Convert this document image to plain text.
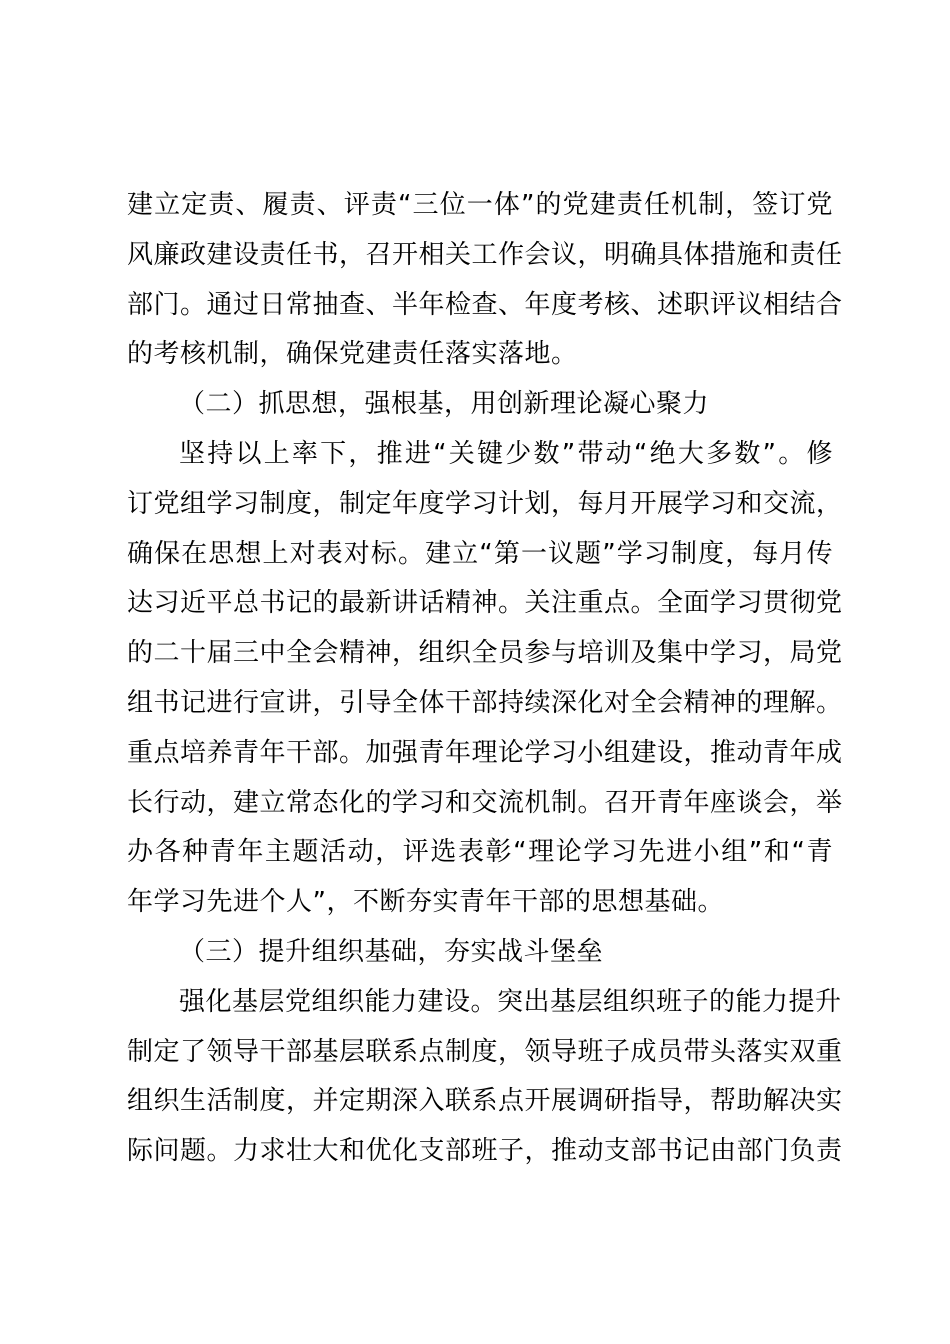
建立定责、履责、评责“三位一体”的党建责任机制，签订党
风廉政建设责任书，召开相关工作会议，明确具体措施和责任
部门。通过日常抽查、半年检查、年度考核、述职评议相结合
的考核机制，确保党建责任落实落地。
（二）抓思想，强根基，用创新理论凝心聚力
坚持以上率下，推进“关键少数”带动“绝大多数”。修
订党组学习制度，制定年度学习计划，每月开展学习和交流，
确保在思想上对表对标。建立“第一议题”学习制度，每月传
达习近平总书记的最新讲话精神。关注重点。全面学习贯彻党
的二十届三中全会精神，组织全员参与培训及集中学习，局党
组书记进行宣讲，引导全体干部持续深化对全会精神的理解。
重点培养青年干部。加强青年理论学习小组建设，推动青年成
长行动，建立常态化的学习和交流机制。召开青年座谈会，举
办各种青年主题活动，评选表彰“理论学习先进小组”和“青
年学习先进个人”，不断夯实青年干部的思想基础。
（三）提升组织基础，夯实战斗堡垒
强化基层党组织能力建设。突出基层组织班子的能力提升
制定了领导干部基层联系点制度，领导班子成员带头落实双重
组织生活制度，并定期深入联系点开展调研指导，帮助解决实
际问题。力求壮大和优化支部班子，推动支部书记由部门负责
